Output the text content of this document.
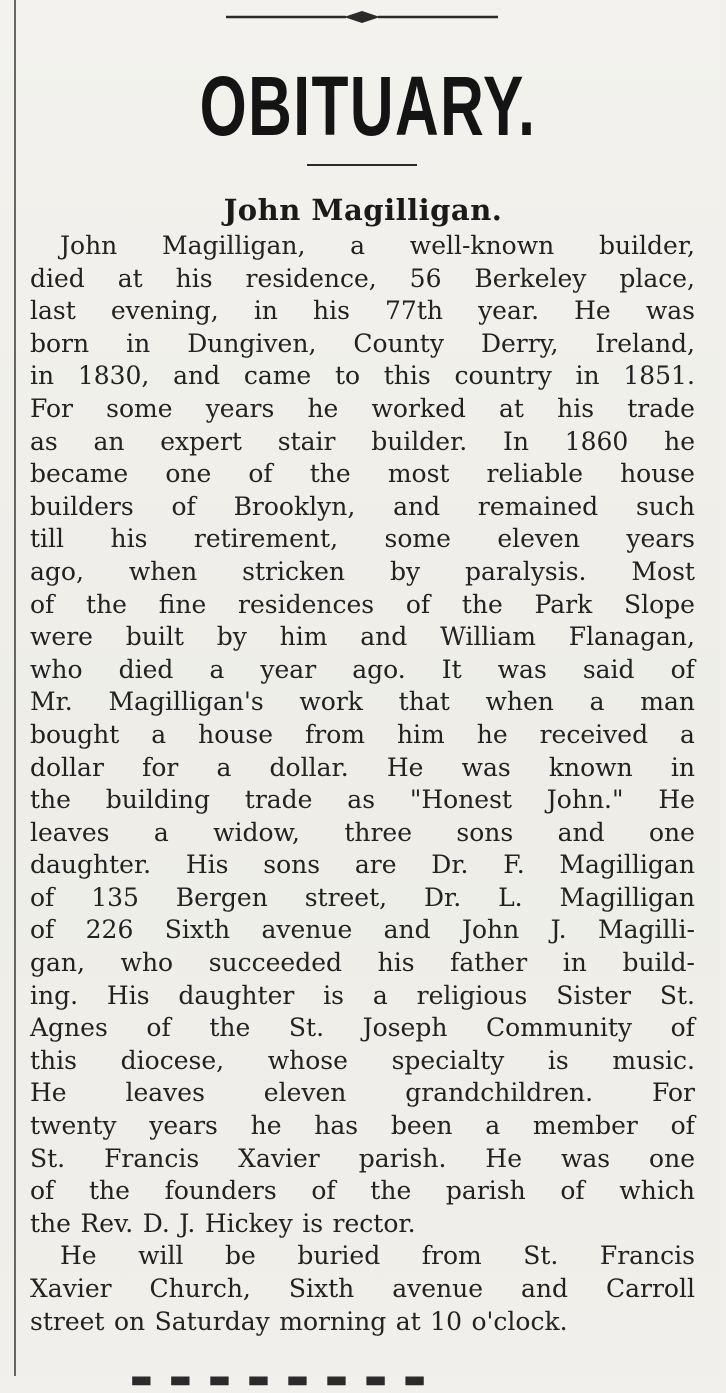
OBITUARY.
John Magilligan.
John Magilligan, a well-known builder,
died at his residence, 56 Berkeley place,
last evening, in his 77th year. He was
born in Dungiven, County Derry, Ireland,
in 1830, and came to this country in 1851.
For some years he worked at his trade
as an expert stair builder. In 1860 he
became one of the most reliable house
builders of Brooklyn, and remained such
till his retirement, some eleven years
ago, when stricken by paralysis. Most
of the fine residences of the Park Slope
were built by him and William Flanagan,
who died a year ago. It was said of
Mr. Magilligan's work that when a man
bought a house from him he received a
dollar for a dollar. He was known in
the building trade as "Honest John." He
leaves a widow, three sons and one
daughter. His sons are Dr. F. Magilligan
of 135 Bergen street, Dr. L. Magilligan
of 226 Sixth avenue and John J. Magilli-
gan, who succeeded his father in build-
ing. His daughter is a religious Sister St.
Agnes of the St. Joseph Community of
this diocese, whose specialty is music.
He leaves eleven grandchildren. For
twenty years he has been a member of
St. Francis Xavier parish. He was one
of the founders of the parish of which
the Rev. D. J. Hickey is rector.
He will be buried from St. Francis
Xavier Church, Sixth avenue and Carroll
street on Saturday morning at 10 o'clock.
▬ ▬ ▬ ▬ ▬ ▬ ▬ ▬
